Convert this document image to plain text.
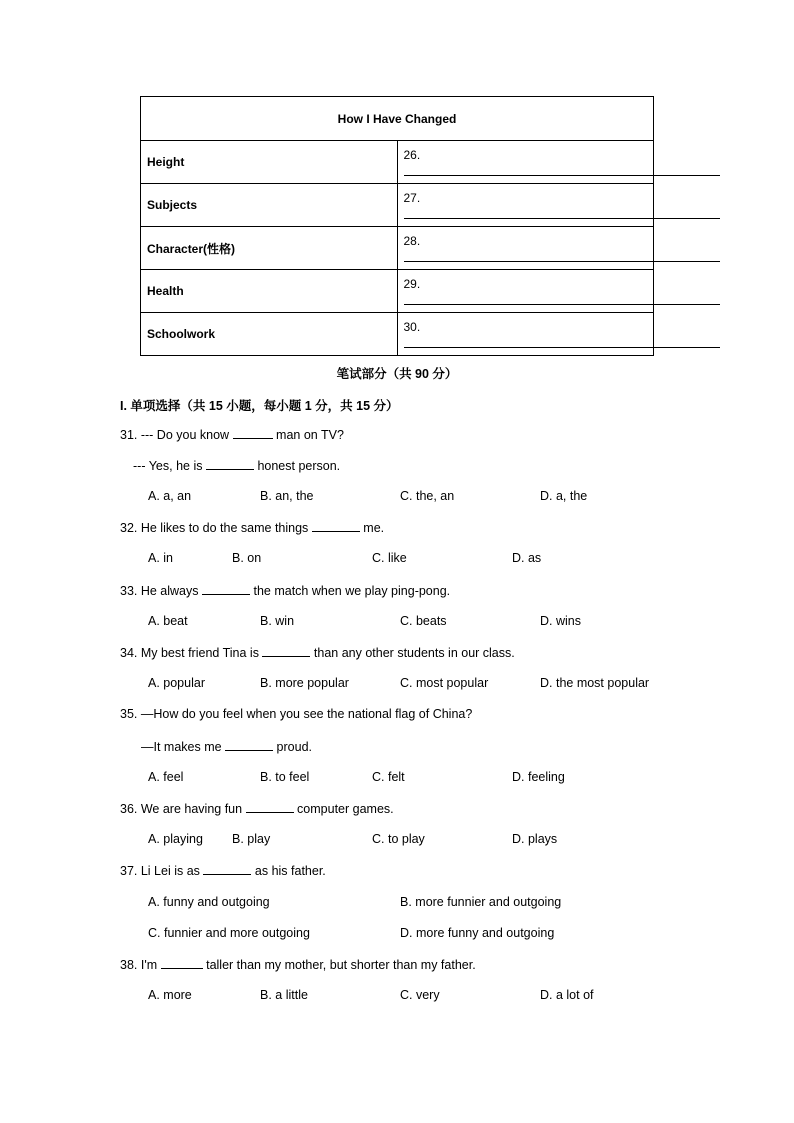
How I Have Changed	
Height	26.
Subjects	27.
Character(性格)	28.
Health	29.
Schoolwork	30.
笔试部分（共 90 分）
I. 单项选择（共 15 小题，每小题 1 分，共 15 分）
31. --- Do you know	man on TV?
--- Yes, he is	honest person.
A. a, an	B. an, the	C. the, an	D. a, the
32. He likes to do the same things	me.
A. in	B. on	C. like	D. as
33. He always	the match when we play ping-pong.
A. beat	B. win	C. beats	D. wins
34. My best friend Tina is	than any other students in our class.
A. popular	B. more popular	C. most popular	D. the most popular
35. —How do you feel when you see the national flag of China?
—It makes me	proud.
A. feel	B. to feel	C. felt	D. feeling
36. We are having fun	computer games.
A. playing B. play	C. to play	D. plays
37. Li Lei is as	as his father.
A. funny and outgoing	B. more funnier and outgoing
C. funnier and more outgoing	D. more funny and outgoing
38. I'm	taller than my mother, but shorter than my father.
A. more	B. a little	C. very	D. a lot of
